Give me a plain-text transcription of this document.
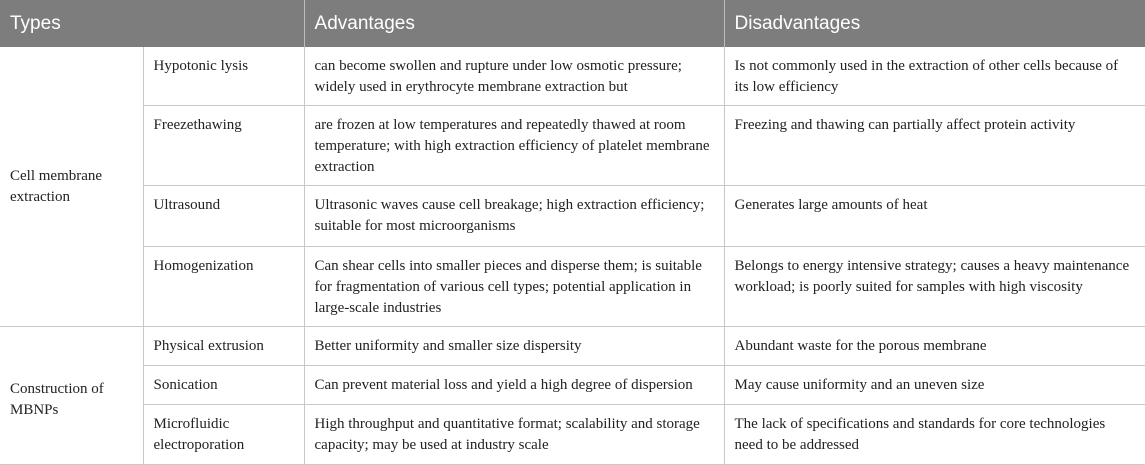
Types		Advantages	Disadvantages
Cell membrane extraction	Hypotonic lysis	can become swollen and rupture under low osmotic pressure; widely used in erythrocyte membrane extraction but	Is not commonly used in the extraction of other cells because of its low efficiency
	Freezethawing	are frozen at low temperatures and repeatedly thawed at room temperature; with high extraction efficiency of platelet membrane extraction	Freezing and thawing can partially affect protein activity
	Ultrasound	Ultrasonic waves cause cell breakage; high extraction efficiency; suitable for most microorganisms	Generates large amounts of heat
	Homogenization	Can shear cells into smaller pieces and disperse them; is suitable for fragmentation of various cell types; potential application in large-scale industries	Belongs to energy intensive strategy; causes a heavy maintenance workload; is poorly suited for samples with high viscosity
Construction of MBNPs	Physical extrusion	Better uniformity and smaller size dispersity	Abundant waste for the porous membrane
	Sonication	Can prevent material loss and yield a high degree of dispersion	May cause uniformity and an uneven size
	Microfluidic electroporation	High throughput and quantitative format; scalability and storage capacity; may be used at industry scale	The lack of specifications and standards for core technologies need to be addressed
